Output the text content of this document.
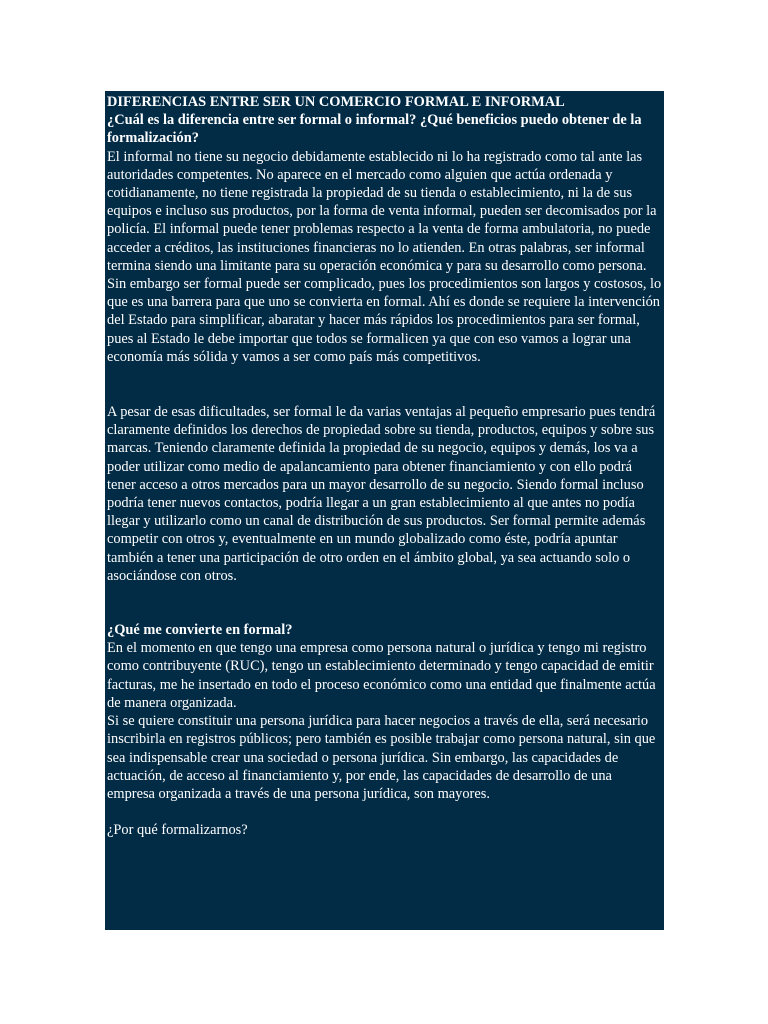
DIFERENCIAS ENTRE SER UN COMERCIO FORMAL E INFORMAL

¿Cuál es la diferencia entre ser formal o informal? ¿Qué beneficios puedo obtener de la formalización?

El informal no tiene su negocio debidamente establecido ni lo ha registrado como tal ante las autoridades competentes. No aparece en el mercado como alguien que actúa ordenada y cotidianamente, no tiene registrada la propiedad de su tienda o establecimiento, ni la de sus equipos e incluso sus productos, por la forma de venta informal, pueden ser decomisados por la policía. El informal puede tener problemas respecto a la venta de forma ambulatoria, no puede acceder a créditos, las instituciones financieras no lo atienden. En otras palabras, ser informal termina siendo una limitante para su operación económica y para su desarrollo como persona.

Sin embargo ser formal puede ser complicado, pues los procedimientos son largos y costosos, lo que es una barrera para que uno se convierta en formal. Ahí es donde se requiere la intervención del Estado para simplificar, abaratar y hacer más rápidos los procedimientos para ser formal, pues al Estado le debe importar que todos se formalicen ya que con eso vamos a lograr una economía más sólida y vamos a ser como país más competitivos.

A pesar de esas dificultades, ser formal le da varias ventajas al pequeño empresario pues tendrá

claramente definidos los derechos de propiedad sobre su tienda, productos, equipos y sobre sus marcas. Teniendo claramente definida la propiedad de su negocio, equipos y demás, los va a poder utilizar como medio de apalancamiento para obtener financiamiento y con ello podrá tener acceso a otros mercados para un mayor desarrollo de su negocio. Siendo formal incluso podría tener nuevos contactos, podría llegar a un gran establecimiento al que antes no podía llegar y utilizarlo como un canal de distribución de sus productos. Ser formal permite además competir con otros y, eventualmente en un mundo globalizado como éste, podría apuntar también a tener una participación de otro orden en el ámbito global, ya sea actuando solo o asociándose con otros.

¿Qué me convierte en formal?

En el momento en que tengo una empresa como persona natural o jurídica y tengo mi registro como contribuyente (RUC), tengo un establecimiento determinado y tengo capacidad de emitir facturas, me he insertado en todo el proceso económico como una entidad que finalmente actúa de manera organizada.

Si se quiere constituir una persona jurídica para hacer negocios a través de ella, será necesario inscribirla en registros públicos; pero también es posible trabajar como persona natural, sin que sea indispensable crear una sociedad o persona jurídica. Sin embargo, las capacidades de actuación, de acceso al financiamiento y, por ende, las capacidades de desarrollo de una empresa organizada a través de una persona jurídica, son mayores.

¿Por qué formalizarnos?
